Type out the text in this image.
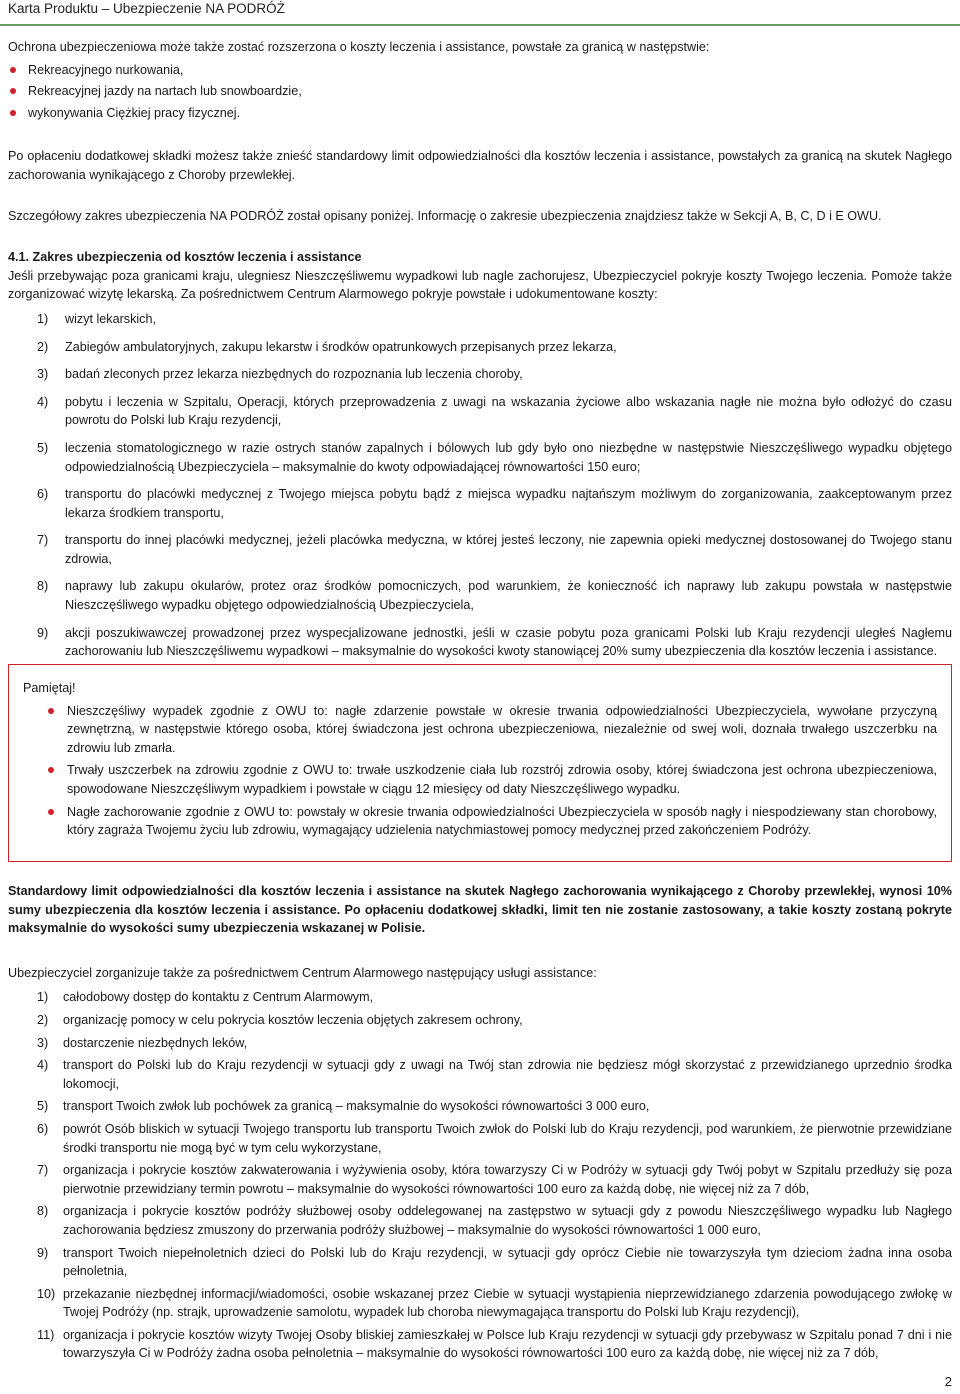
Karta Produktu – Ubezpieczenie NA PODRÓŻ

Ochrona ubezpieczeniowa może także zostać rozszerzona o koszty leczenia i assistance, powstałe za granicą w następstwie:

Rekreacyjnego nurkowania,
Rekreacyjnej jazdy na nartach lub snowboardzie,
wykonywania Ciężkiej pracy fizycznej.

Po opłaceniu dodatkowej składki możesz także znieść standardowy limit odpowiedzialności dla kosztów leczenia i assistance, powstałych za granicą na skutek Nagłego zachorowania wynikającego z Choroby przewlekłej.

Szczegółowy zakres ubezpieczenia NA PODRÓŻ został opisany poniżej. Informację o zakresie ubezpieczenia znajdziesz także w Sekcji A, B, C, D i E OWU.

4.1. Zakres ubezpieczenia od kosztów leczenia i assistance

Jeśli przebywając poza granicami kraju, ulegniesz Nieszczęśliwemu wypadkowi lub nagle zachorujesz, Ubezpieczyciel pokryje koszty Twojego leczenia. Pomoże także zorganizować wizytę lekarską. Za pośrednictwem Centrum Alarmowego pokryje powstałe i udokumentowane koszty:

1) wizyt lekarskich,
2) Zabiegów ambulatoryjnych, zakupu lekarstw i środków opatrunkowych przepisanych przez lekarza,
3) badań zleconych przez lekarza niezbędnych do rozpoznania lub leczenia choroby,
4) pobytu i leczenia w Szpitalu, Operacji, których przeprowadzenia z uwagi na wskazania życiowe albo wskazania nagłe nie można było odłożyć do czasu powrotu do Polski lub Kraju rezydencji,
5) leczenia stomatologicznego w razie ostrych stanów zapalnych i bólowych lub gdy było ono niezbędne w następstwie Nieszczęśliwego wypadku objętego odpowiedzialnością Ubezpieczyciela – maksymalnie do kwoty odpowiadającej równowartości 150 euro;
6) transportu do placówki medycznej z Twojego miejsca pobytu bądź z miejsca wypadku najtańszym możliwym do zorganizowania, zaakceptowanym przez lekarza środkiem transportu,
7) transportu do innej placówki medycznej, jeżeli placówka medyczna, w której jesteś leczony, nie zapewnia opieki medycznej dostosowanej do Twojego stanu zdrowia,
8) naprawy lub zakupu okularów, protez oraz środków pomocniczych, pod warunkiem, że konieczność ich naprawy lub zakupu powstała w następstwie Nieszczęśliwego wypadku objętego odpowiedzialnością Ubezpieczyciela,
9) akcji poszukiwawczej prowadzonej przez wyspecjalizowane jednostki, jeśli w czasie pobytu poza granicami Polski lub Kraju rezydencji uległeś Nagłemu zachorowaniu lub Nieszczęśliwemu wypadkowi – maksymalnie do wysokości kwoty stanowiącej 20% sumy ubezpieczenia dla kosztów leczenia i assistance.
Pamiętaj!
Nieszczęśliwy wypadek zgodnie z OWU to: nagłe zdarzenie powstałe w okresie trwania odpowiedzialności Ubezpieczyciela, wywołane przyczyną zewnętrzną, w następstwie którego osoba, której świadczona jest ochrona ubezpieczeniowa, niezależnie od swej woli, doznała trwałego uszczerbku na zdrowiu lub zmarła.
Trwały uszczerbek na zdrowiu zgodnie z OWU to: trwałe uszkodzenie ciała lub rozstrój zdrowia osoby, której świadczona jest ochrona ubezpieczeniowa, spowodowane Nieszczęśliwym wypadkiem i powstałe w ciągu 12 miesięcy od daty Nieszczęśliwego wypadku.
Nagłe zachorowanie zgodnie z OWU to: powstały w okresie trwania odpowiedzialności Ubezpieczyciela w sposób nagły i niespodziewany stan chorobowy, który zagraża Twojemu życiu lub zdrowiu, wymagający udzielenia natychmiastowej pomocy medycznej przed zakończeniem Podróży.

Standardowy limit odpowiedzialności dla kosztów leczenia i assistance na skutek Nagłego zachorowania wynikającego z Choroby przewlekłej, wynosi 10% sumy ubezpieczenia dla kosztów leczenia i assistance. Po opłaceniu dodatkowej składki, limit ten nie zostanie zastosowany, a takie koszty zostaną pokryte maksymalnie do wysokości sumy ubezpieczenia wskazanej w Polisie.

Ubezpieczyciel zorganizuje także za pośrednictwem Centrum Alarmowego następujący usługi assistance:

1) całodobowy dostęp do kontaktu z Centrum Alarmowym,
2) organizację pomocy w celu pokrycia kosztów leczenia objętych zakresem ochrony,
3) dostarczenie niezbędnych leków,
4) transport do Polski lub do Kraju rezydencji w sytuacji gdy z uwagi na Twój stan zdrowia nie będziesz mógł skorzystać z przewidzianego uprzednio środka lokomocji,
5) transport Twoich zwłok lub pochówek za granicą – maksymalnie do wysokości równowartości 3 000 euro,
6) powrót Osób bliskich w sytuacji Twojego transportu lub transportu Twoich zwłok do Polski lub do Kraju rezydencji, pod warunkiem, że pierwotnie przewidziane środki transportu nie mogą być w tym celu wykorzystane,
7) organizacja i pokrycie kosztów zakwaterowania i wyżywienia osoby, która towarzyszy Ci w Podróży w sytuacji gdy Twój pobyt w Szpitalu przedłuży się poza pierwotnie przewidziany termin powrotu – maksymalnie do wysokości równowartości 100 euro za każdą dobę, nie więcej niż za 7 dób,
8) organizacja i pokrycie kosztów podróży służbowej osoby oddelegowanej na zastępstwo w sytuacji gdy z powodu Nieszczęśliwego wypadku lub Nagłego zachorowania będziesz zmuszony do przerwania podróży służbowej – maksymalnie do wysokości równowartości 1 000 euro,
9) transport Twoich niepełnoletnich dzieci do Polski lub do Kraju rezydencji, w sytuacji gdy oprócz Ciebie nie towarzyszyła tym dzieciom żadna inna osoba pełnoletnia,
10) przekazanie niezbędnej informacji/wiadomości, osobie wskazanej przez Ciebie w sytuacji wystąpienia nieprzewidzianego zdarzenia powodującego zwłokę w Twojej Podróży (np. strajk, uprowadzenie samolotu, wypadek lub choroba niewymagająca transportu do Polski lub Kraju rezydencji),
11) organizacja i pokrycie kosztów wizyty Twojej Osoby bliskiej zamieszkałej w Polsce lub Kraju rezydencji w sytuacji gdy przebywasz w Szpitalu ponad 7 dni i nie towarzyszyła Ci w Podróży żadna osoba pełnoletnia – maksymalnie do wysokości równowartości 100 euro za każdą dobę, nie więcej niż za 7 dób,
2
